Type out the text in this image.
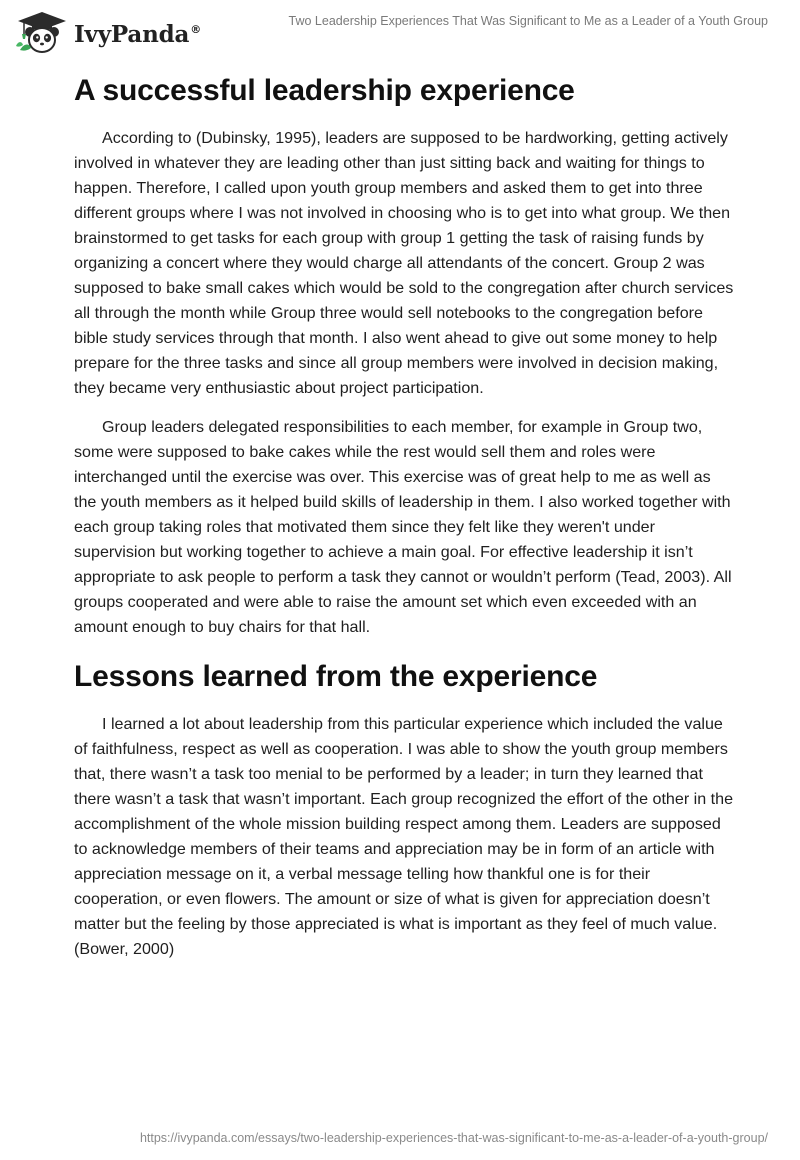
IvyPanda®
Two Leadership Experiences That Was Significant to Me as a Leader of a Youth Group
A successful leadership experience

According to (Dubinsky, 1995), leaders are supposed to be hardworking, getting actively involved in whatever they are leading other than just sitting back and waiting for things to happen. Therefore, I called upon youth group members and asked them to get into three different groups where I was not involved in choosing who is to get into what group. We then brainstormed to get tasks for each group with group 1 getting the task of raising funds by organizing a concert where they would charge all attendants of the concert. Group 2 was supposed to bake small cakes which would be sold to the congregation after church services all through the month while Group three would sell notebooks to the congregation before bible study services through that month. I also went ahead to give out some money to help prepare for the three tasks and since all group members were involved in decision making, they became very enthusiastic about project participation.

Group leaders delegated responsibilities to each member, for example in Group two, some were supposed to bake cakes while the rest would sell them and roles were interchanged until the exercise was over. This exercise was of great help to me as well as the youth members as it helped build skills of leadership in them. I also worked together with each group taking roles that motivated them since they felt like they weren't under supervision but working together to achieve a main goal. For effective leadership it isn’t appropriate to ask people to perform a task they cannot or wouldn’t perform (Tead, 2003). All groups cooperated and were able to raise the amount set which even exceeded with an amount enough to buy chairs for that hall.

Lessons learned from the experience

I learned a lot about leadership from this particular experience which included the value of faithfulness, respect as well as cooperation. I was able to show the youth group members that, there wasn’t a task too menial to be performed by a leader; in turn they learned that there wasn’t a task that wasn’t important. Each group recognized the effort of the other in the accomplishment of the whole mission building respect among them. Leaders are supposed to acknowledge members of their teams and appreciation may be in form of an article with appreciation message on it, a verbal message telling how thankful one is for their cooperation, or even flowers. The amount or size of what is given for appreciation doesn’t matter but the feeling by those appreciated is what is important as they feel of much value. (Bower, 2000)

https://ivypanda.com/essays/two-leadership-experiences-that-was-significant-to-me-as-a-leader-of-a-youth-group/
